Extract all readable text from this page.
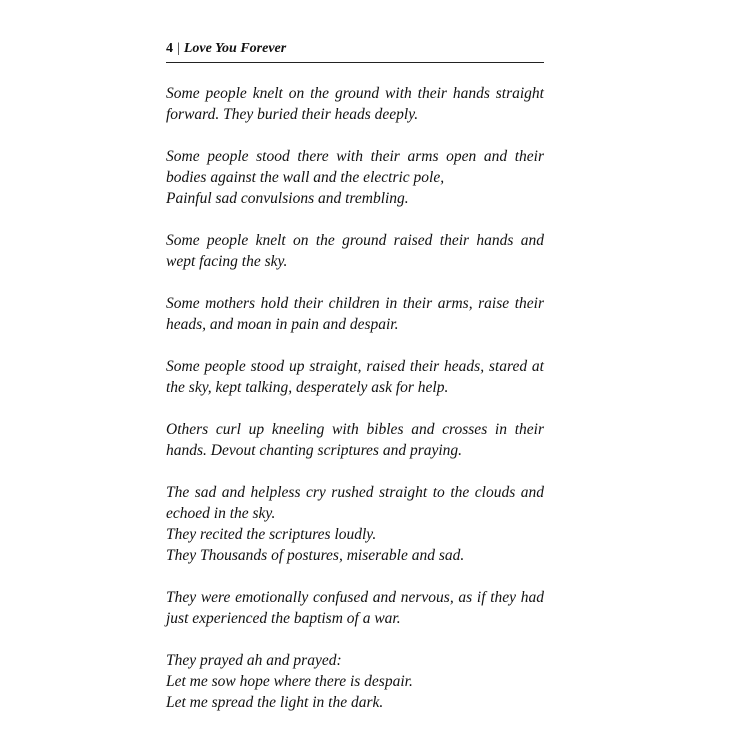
4 | Love You Forever
Some people knelt on the ground with their hands straight
forward. They buried their heads deeply.
Some people stood there with their arms open and their
bodies against the wall and the electric pole,
Painful sad convulsions and trembling.
Some people knelt on the ground raised their hands and
wept facing the sky.
Some mothers hold their children in their arms, raise their
heads, and moan in pain and despair.
Some people stood up straight, raised their heads, stared at
the sky, kept talking, desperately ask for help.
Others curl up kneeling with bibles and crosses in their
hands. Devout chanting scriptures and praying.
The sad and helpless cry rushed straight to the clouds and
echoed in the sky.
They recited the scriptures loudly.
They Thousands of postures, miserable and sad.
They were emotionally confused and nervous, as if they had
just experienced the baptism of a war.
They prayed ah and prayed:
Let me sow hope where there is despair.
Let me spread the light in the dark.
